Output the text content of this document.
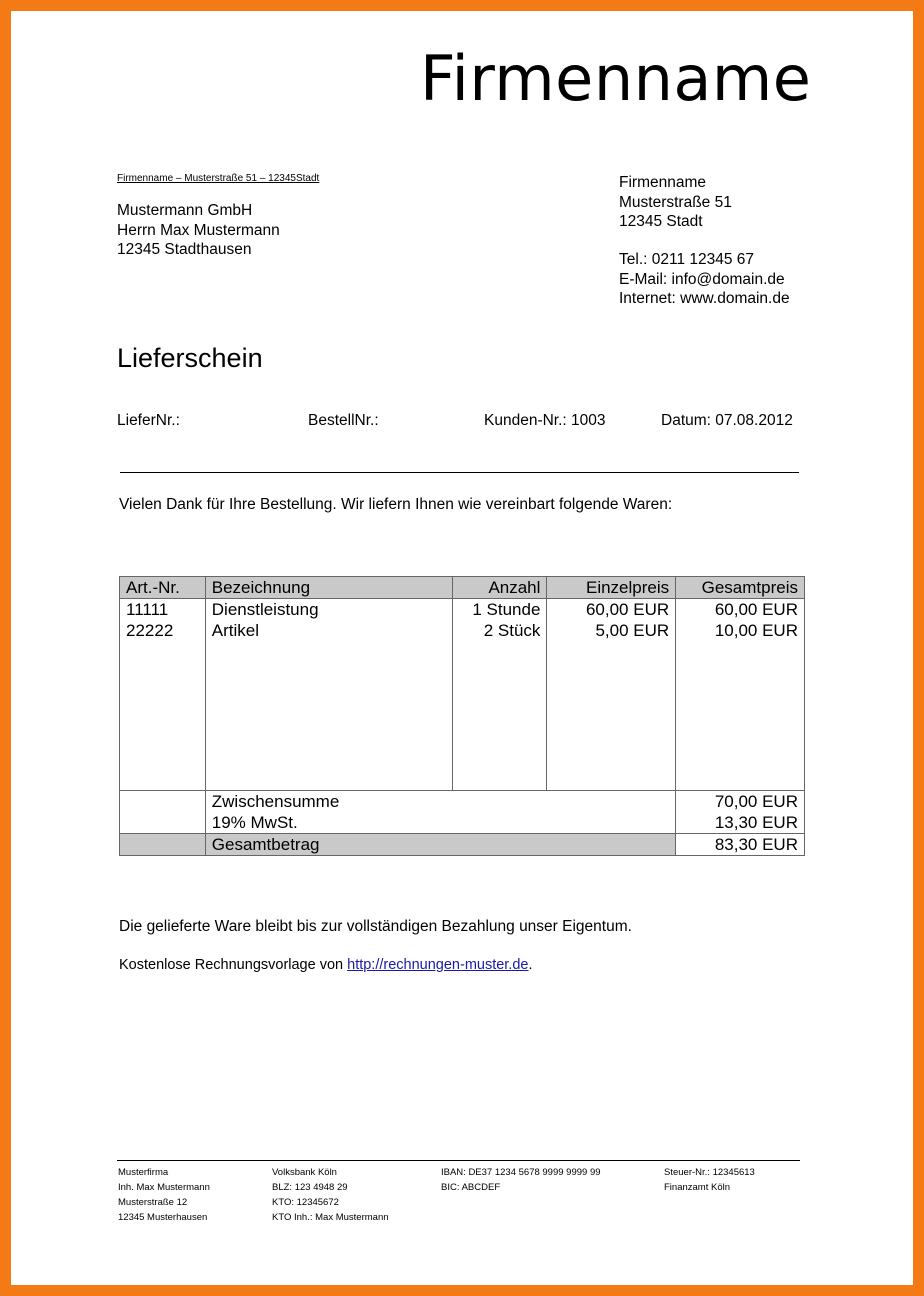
Firmenname
Firmenname – Musterstraße 51 – 12345Stadt
Mustermann GmbH
Herrn Max Mustermann
12345 Stadthausen
Firmenname
Musterstraße 51
12345 Stadt
Tel.: 0211 12345 67
E-Mail: info@domain.de
Internet: www.domain.de
Lieferschein
LieferNr.:	BestellNr.:	Kunden-Nr.: 1003	Datum: 07.08.2012
Vielen Dank für Ihre Bestellung. Wir liefern Ihnen wie vereinbart folgende Waren:
Art.-Nr.	Bezeichnung	Anzahl	Einzelpreis	Gesamtpreis
11111	Dienstleistung	1 Stunde	60,00 EUR	60,00 EUR
22222	Artikel	2 Stück	5,00 EUR	10,00 EUR

	Zwischensumme			70,00 EUR
	19% MwSt.			13,30 EUR
	Gesamtbetrag			83,30 EUR
Die gelieferte Ware bleibt bis zur vollständigen Bezahlung unser Eigentum.
Kostenlose Rechnungsvorlage von http://rechnungen-muster.de.
Musterfirma
Inh. Max Mustermann
Musterstraße 12
12345 Musterhausen
Volksbank Köln
BLZ: 123 4948 29
KTO: 12345672
KTO Inh.: Max Mustermann
IBAN: DE37 1234 5678 9999 9999 99
BIC: ABCDEF
Steuer-Nr.: 12345613
Finanzamt Köln
